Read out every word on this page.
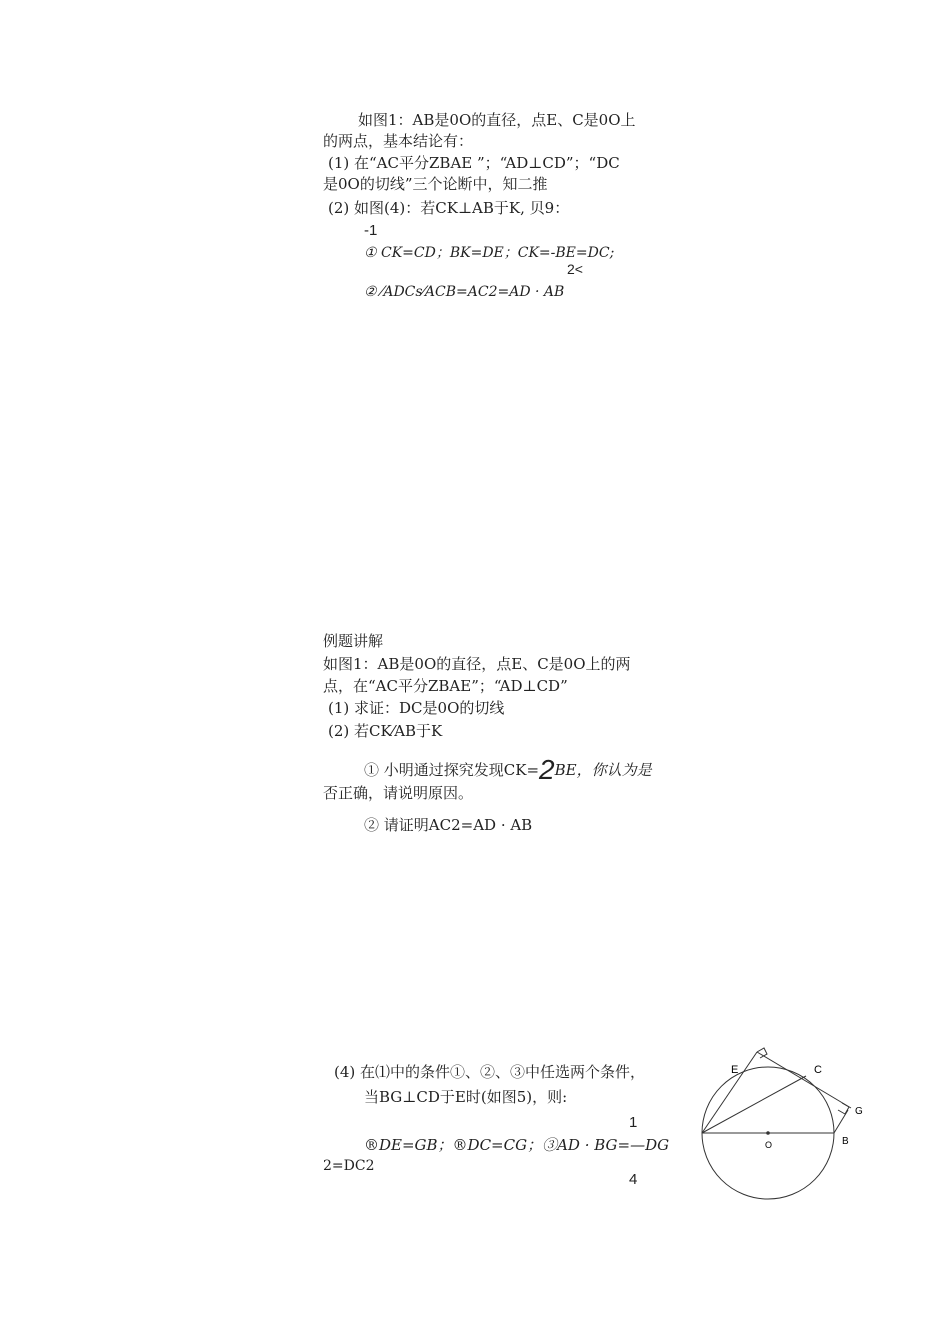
如图1：AB是0O的直径，点E、C是0O上
的两点，基本结论有：
(1) 在“AC平分ZBAE ”；“AD⊥CD”；“DC
是0O的切线”三个论断中，知二推
(2) 如图(4)：若CK⊥AB于K, 贝9：
-1
① CK=CD；BK=DE；CK=-BE=DC;
2<
② ⁄ADCs⁄ACB=AC2=AD · AB
例题讲解
如图1：AB是0O的直径，点E、C是0O上的两
点，在“AC平分ZBAE”；“AD⊥CD”
(1) 求证：DC是0O的切线
(2) 若CK⁄AB于K
① 小明通过探究发现CK=2BE，你认为是
否正确，请说明原因。
② 请证明AC2=AD · AB
(4) 在⑴中的条件①、②、③中任选两个条件，
当BG⊥CD于E时(如图5)，则:
1
®DE=GB；®DC=CG；③AD · BG=—DG
2=DC2
4
E	C
G
B
O
